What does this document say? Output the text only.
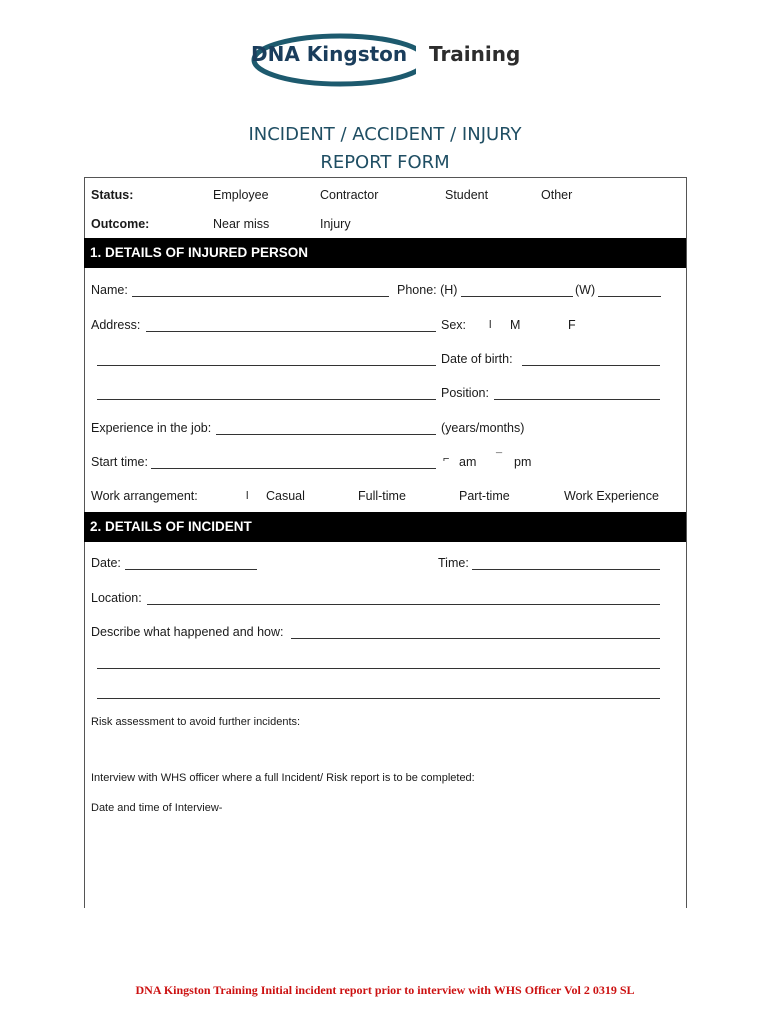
DNA Kingston Training
INCIDENT / ACCIDENT / INJURY
REPORT FORM
Status:	Employee	Contractor	Student	Other
Outcome:	Near miss	Injury
1. DETAILS OF INJURED PERSON
Name:	Phone: (H)	(W)
Address:	Sex: l M	F
Date of birth:
Position:
Experience in the job:	(years/months)
Start time:	⌐ am ¯ pm
Work arrangement:	l Casual	Full-time	Part-time	Work Experience
2. DETAILS OF INCIDENT
Date:	Time:
Location:
Describe what happened and how:
Risk assessment to avoid further incidents:
Interview with WHS officer where a full Incident/ Risk report is to be completed:
Date and time of Interview-
DNA Kingston Training Initial incident report prior to interview with WHS Officer Vol 2 0319 SL
